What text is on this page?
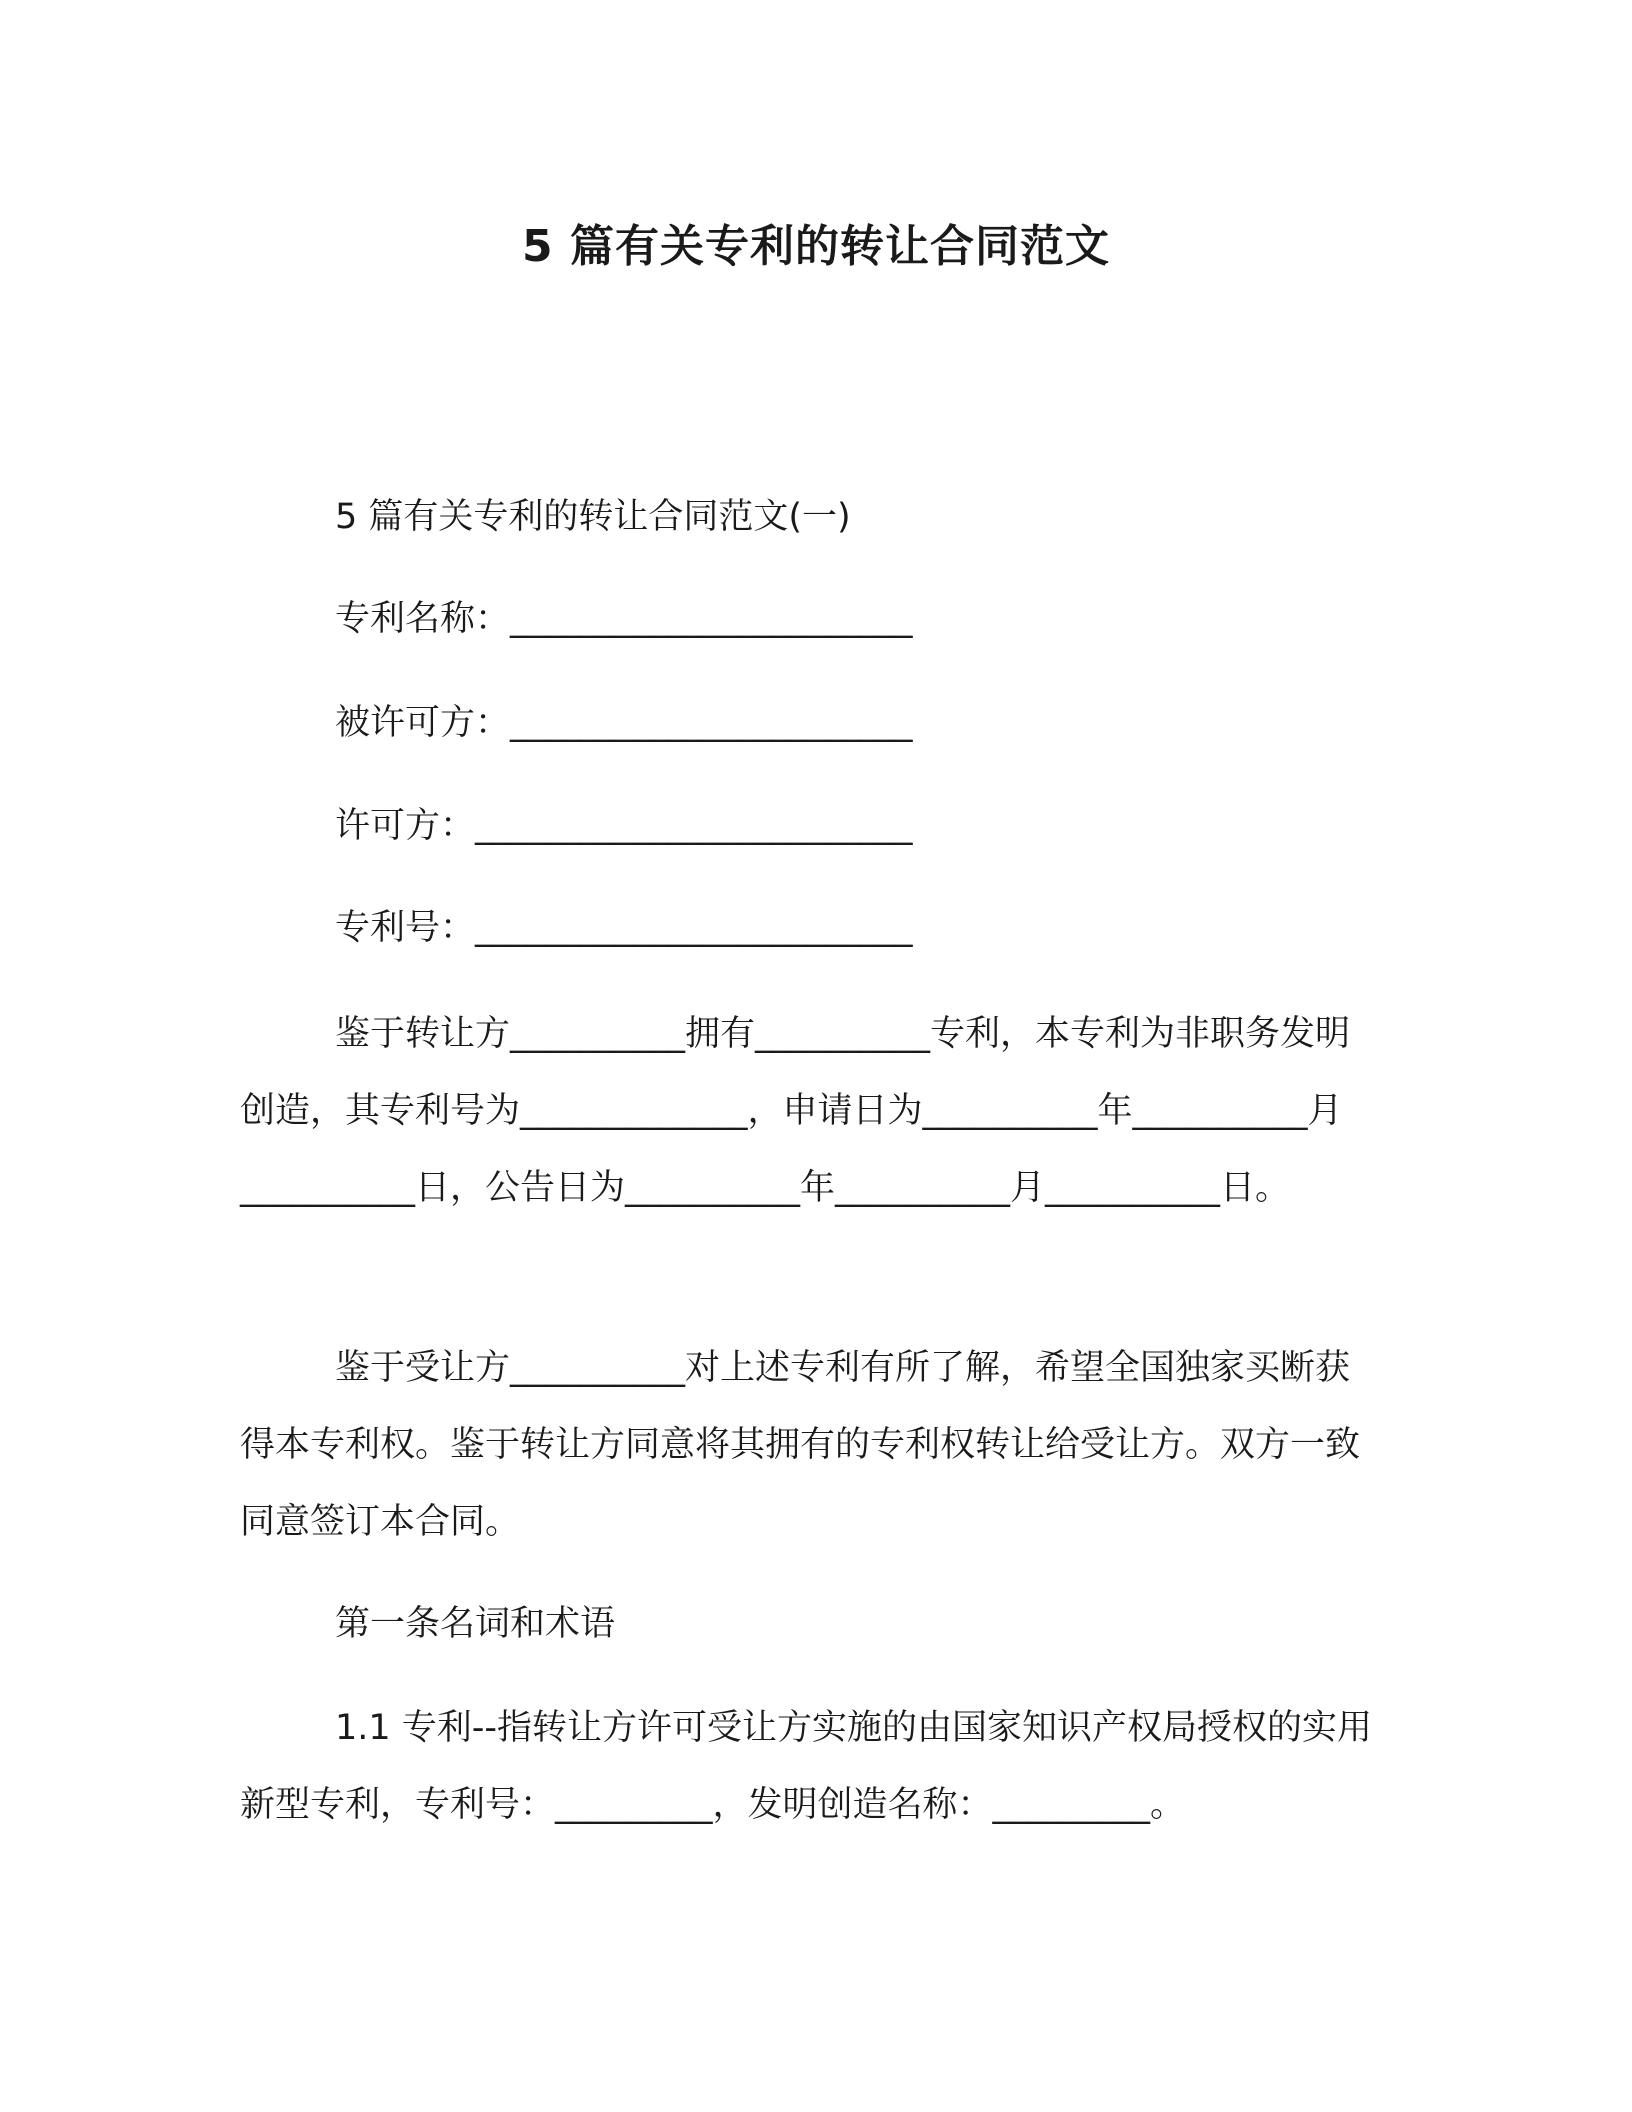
5 篇有关专利的转让合同范文
5 篇有关专利的转让合同范文(一)
专利名称：_______________________
被许可方：_______________________
许可方：_________________________
专利号：_________________________

鉴于转让方__________拥有__________专利，本专利为非职务发明创造，其专利号为_____________，申请日为__________年__________月__________日，公告日为__________年__________月__________日。

鉴于受让方__________对上述专利有所了解，希望全国独家买断获得本专利权。鉴于转让方同意将其拥有的专利权转让给受让方。双方一致同意签订本合同。

第一条名词和术语

1.1 专利--指转让方许可受让方实施的由国家知识产权局授权的实用新型专利，专利号：_________，发明创造名称：_________。
